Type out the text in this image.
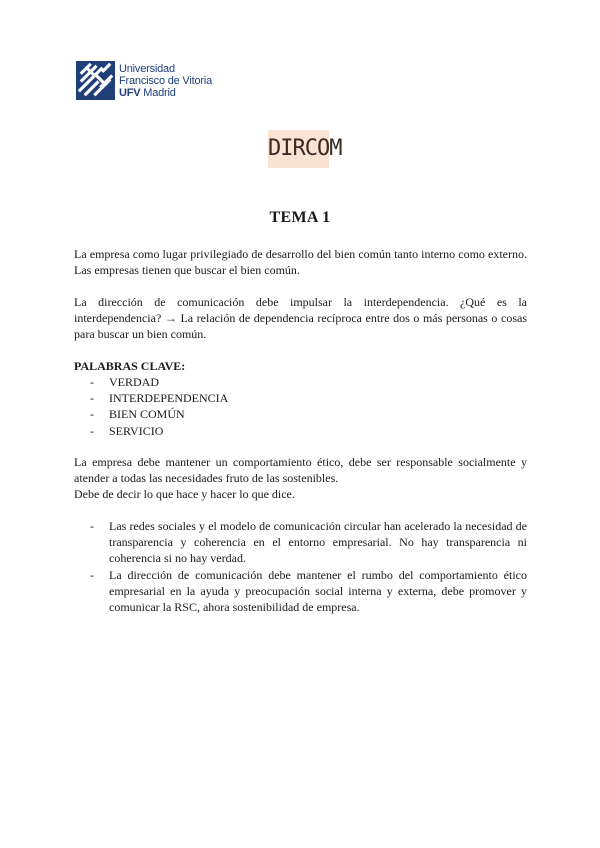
Universidad
Francisco de Vitoria
UFV Madrid
DIRCOM
TEMA 1

La empresa como lugar privilegiado de desarrollo del bien común tanto interno como externo. Las empresas tienen que buscar el bien común.

La dirección de comunicación debe impulsar la interdependencia. ¿Qué es la interdependencia? → La relación de dependencia recíproca entre dos o más personas o cosas para buscar un bien común.

PALABRAS CLAVE:
- VERDAD
- INTERDEPENDENCIA
- BIEN COMÚN
- SERVICIO

La empresa debe mantener un comportamiento ético, debe ser responsable socialmente y atender a todas las necesidades fruto de las sostenibles.

Debe de decir lo que hace y hacer lo que dice.

- Las redes sociales y el modelo de comunicación circular han acelerado la necesidad de transparencia y coherencia en el entorno empresarial. No hay transparencia ni coherencia si no hay verdad.
- La dirección de comunicación debe mantener el rumbo del comportamiento ético empresarial en la ayuda y preocupación social interna y externa, debe promover y comunicar la RSC, ahora sostenibilidad de empresa.
